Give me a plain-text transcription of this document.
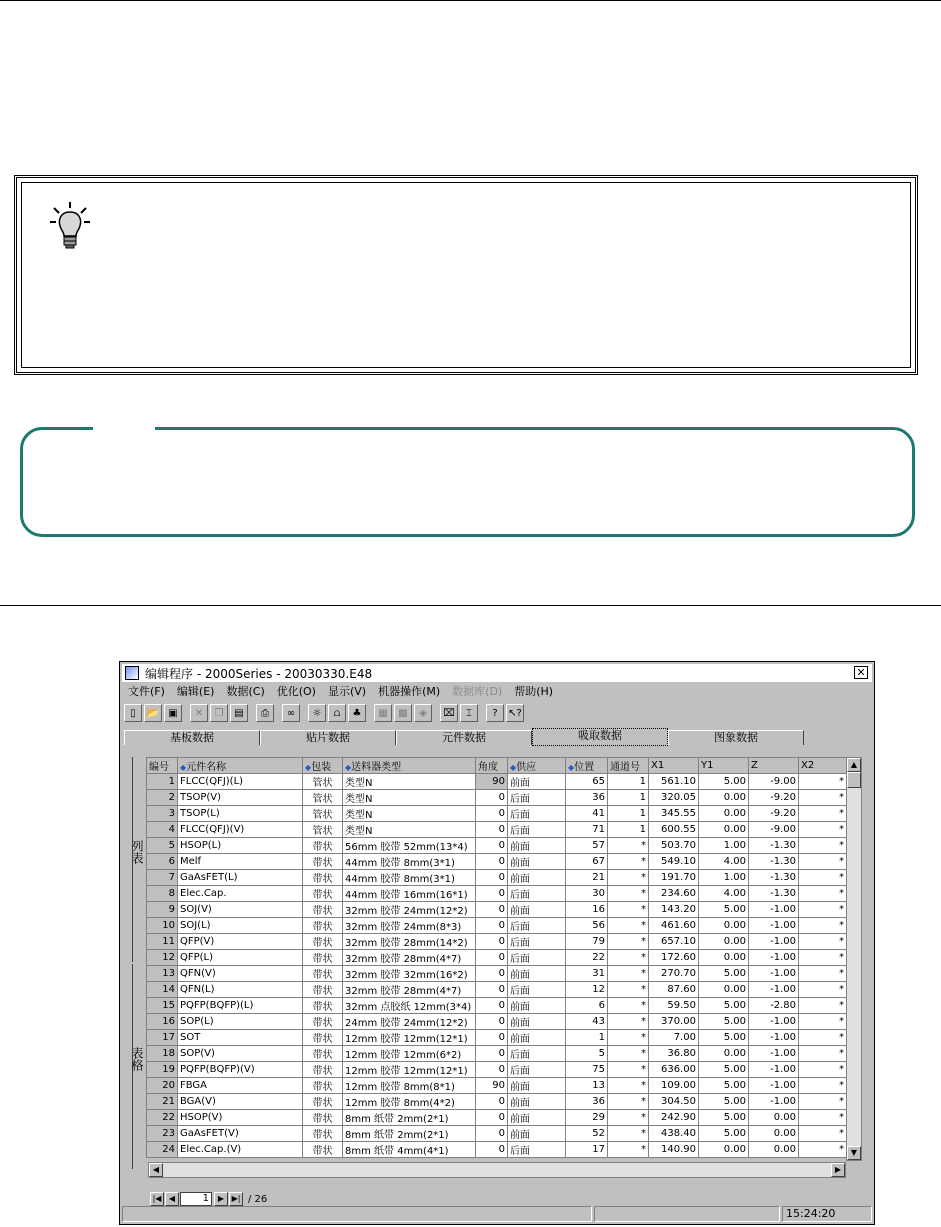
编辑程序 - 2000Series - 20030330.E48	✕
文件(F) 编辑(E) 数据(C) 优化(O) 显示(V) 机器操作(M) 数据库(D) 帮助(H)
▯	📂 ▣	✕	❐	▤	⎙	∞	☼	⩍	♣	▦	▩	◈	⌧	⌶	?	↖?
基板数据	贴片数据	元件数据	吸取数据	图象数据
列表
表格
编号	◆元件名称	◆包装	◆送料器类型	角度	◆供应	◆位置	通道号	X1	Y1	Z	X2
1	FLCC(QFJ)(L)	管状	类型N	90	前面	65	1	561.10	5.00	-9.00	*
2	TSOP(V)	管状	类型N	0	后面	36	1	320.05	0.00	-9.20	*
3	TSOP(L)	管状	类型N	0	后面	41	1	345.55	0.00	-9.20	*
4	FLCC(QFJ)(V)	管状	类型N	0	后面	71	1	600.55	0.00	-9.00	*
5	HSOP(L)	带状	56mm 胶带 52mm(13*4)	0	前面	57	*	503.70	1.00	-1.30	*
6	Melf	带状	44mm 胶带 8mm(3*1)	0	前面	67	*	549.10	4.00	-1.30	*
7	GaAsFET(L)	带状	44mm 胶带 8mm(3*1)	0	前面	21	*	191.70	1.00	-1.30	*
8	Elec.Cap.	带状	44mm 胶带 16mm(16*1)	0	后面	30	*	234.60	4.00	-1.30	*
9	SOJ(V)	带状	32mm 胶带 24mm(12*2)	0	前面	16	*	143.20	5.00	-1.00	*
10	SOJ(L)	带状	32mm 胶带 24mm(8*3)	0	后面	56	*	461.60	0.00	-1.00	*
11	QFP(V)	带状	32mm 胶带 28mm(14*2)	0	后面	79	*	657.10	0.00	-1.00	*
12	QFP(L)	带状	32mm 胶带 28mm(4*7)	0	后面	22	*	172.60	0.00	-1.00	*
13	QFN(V)	带状	32mm 胶带 32mm(16*2)	0	前面	31	*	270.70	5.00	-1.00	*
14	QFN(L)	带状	32mm 胶带 28mm(4*7)	0	后面	12	*	87.60	0.00	-1.00	*
15	PQFP(BQFP)(L)	带状	32mm 点胶纸 12mm(3*4)	0	前面	6	*	59.50	5.00	-2.80	*
16	SOP(L)	带状	24mm 胶带 24mm(12*2)	0	前面	43	*	370.00	5.00	-1.00	*
17	SOT	带状	12mm 胶带 12mm(12*1)	0	前面	1	*	7.00	5.00	-1.00	*
18	SOP(V)	带状	12mm 胶带 12mm(6*2)	0	后面	5	*	36.80	0.00	-1.00	*
19	PQFP(BQFP)(V)	带状	12mm 胶带 12mm(12*1)	0	后面	75	*	636.00	5.00	-1.00	*
20	FBGA	带状	12mm 胶带 8mm(8*1)	90	前面	13	*	109.00	5.00	-1.00	*
21	BGA(V)	带状	12mm 胶带 8mm(4*2)	0	前面	36	*	304.50	5.00	-1.00	*
22	HSOP(V)	带状	8mm 纸带 2mm(2*1)	0	前面	29	*	242.90	5.00	0.00	*
23	GaAsFET(V)	带状	8mm 纸带 2mm(2*1)	0	前面	52	*	438.40	5.00	0.00	*
24	Elec.Cap.(V)	带状	8mm 纸带 4mm(4*1)	0	后面	17	*	140.90	0.00	0.00	*
▲
▼
◀	▶
|◀ ◀	1	▶ ▶| / 26
15:24:20
